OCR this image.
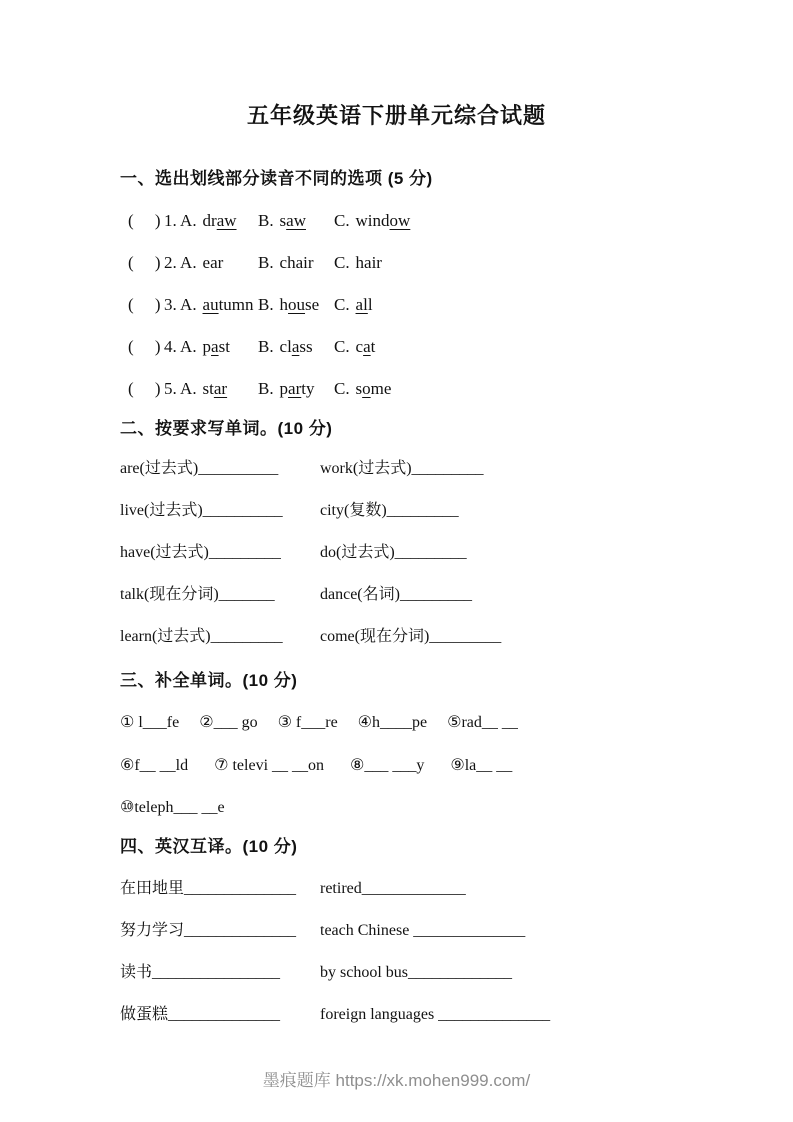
五年级英语下册单元综合试题
一、选出划线部分读音不同的选项 (5 分)
(     ) 1. A. draw B. saw C. window
(     ) 2. A. ear B. chair C. hair
(     ) 3. A. autumn B. house C. all
(     ) 4. A. past B. class C. cat
(     ) 5. A. star B. party C. some
二、按要求写单词。(10 分)
are(过去式)__________	work(过去式)_________
live(过去式)__________	city(复数)_________
have(过去式)_________	do(过去式)_________
talk(现在分词)_______	dance(名词)_________
learn(过去式)_________	come(现在分词)_________
三、补全单词。(10 分)
① l___fe ②___ go ③ f___re ④h____pe ⑤rad__ __
⑥f__ __ld ⑦ televi __ __on ⑧___ ___y ⑨la__ __
⑩teleph___ __e
四、英汉互译。(10 分)
在田地里______________	retired_____________
努力学习______________	teach Chinese ______________
读书________________	by school bus_____________
做蛋糕______________	foreign languages ______________
墨痕题库 https://xk.mohen999.com/
